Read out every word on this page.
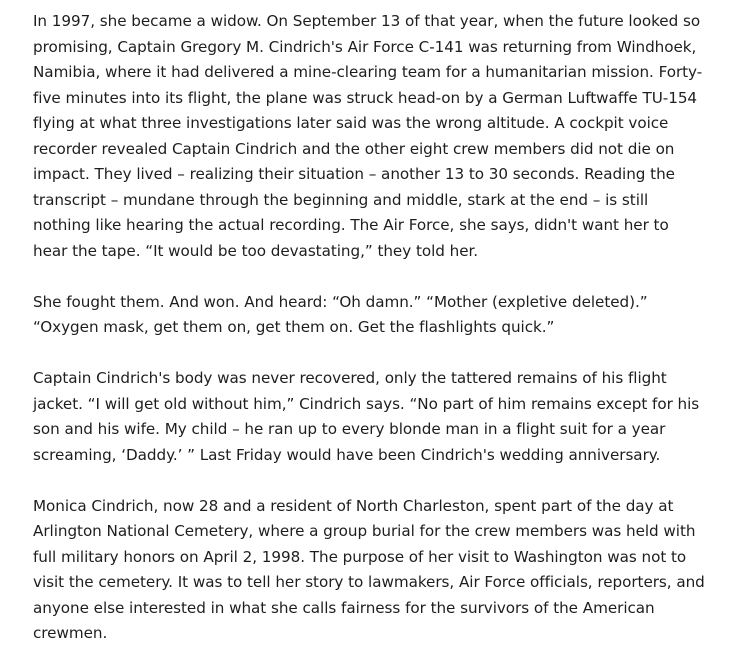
In 1997, she became a widow. On September 13 of that year, when the future looked so promising, Captain Gregory M. Cindrich's Air Force C-141 was returning from Windhoek, Namibia, where it had delivered a mine-clearing team for a humanitarian mission. Forty-five minutes into its flight, the plane was struck head-on by a German Luftwaffe TU-154 flying at what three investigations later said was the wrong altitude. A cockpit voice recorder revealed Captain Cindrich and the other eight crew members did not die on impact. They lived – realizing their situation – another 13 to 30 seconds. Reading the transcript – mundane through the beginning and middle, stark at the end – is still nothing like hearing the actual recording. The Air Force, she says, didn't want her to hear the tape. “It would be too devastating,” they told her.

She fought them. And won. And heard: “Oh damn.” “Mother (expletive deleted).” “Oxygen mask, get them on, get them on. Get the flashlights quick.”

Captain Cindrich's body was never recovered, only the tattered remains of his flight jacket. “I will get old without him,” Cindrich says. “No part of him remains except for his son and his wife. My child – he ran up to every blonde man in a flight suit for a year screaming, ‘Daddy.’ ” Last Friday would have been Cindrich's wedding anniversary.

Monica Cindrich, now 28 and a resident of North Charleston, spent part of the day at Arlington National Cemetery, where a group burial for the crew members was held with full military honors on April 2, 1998. The purpose of her visit to Washington was not to visit the cemetery. It was to tell her story to lawmakers, Air Force officials, reporters, and anyone else interested in what she calls fairness for the survivors of the American crewmen.
